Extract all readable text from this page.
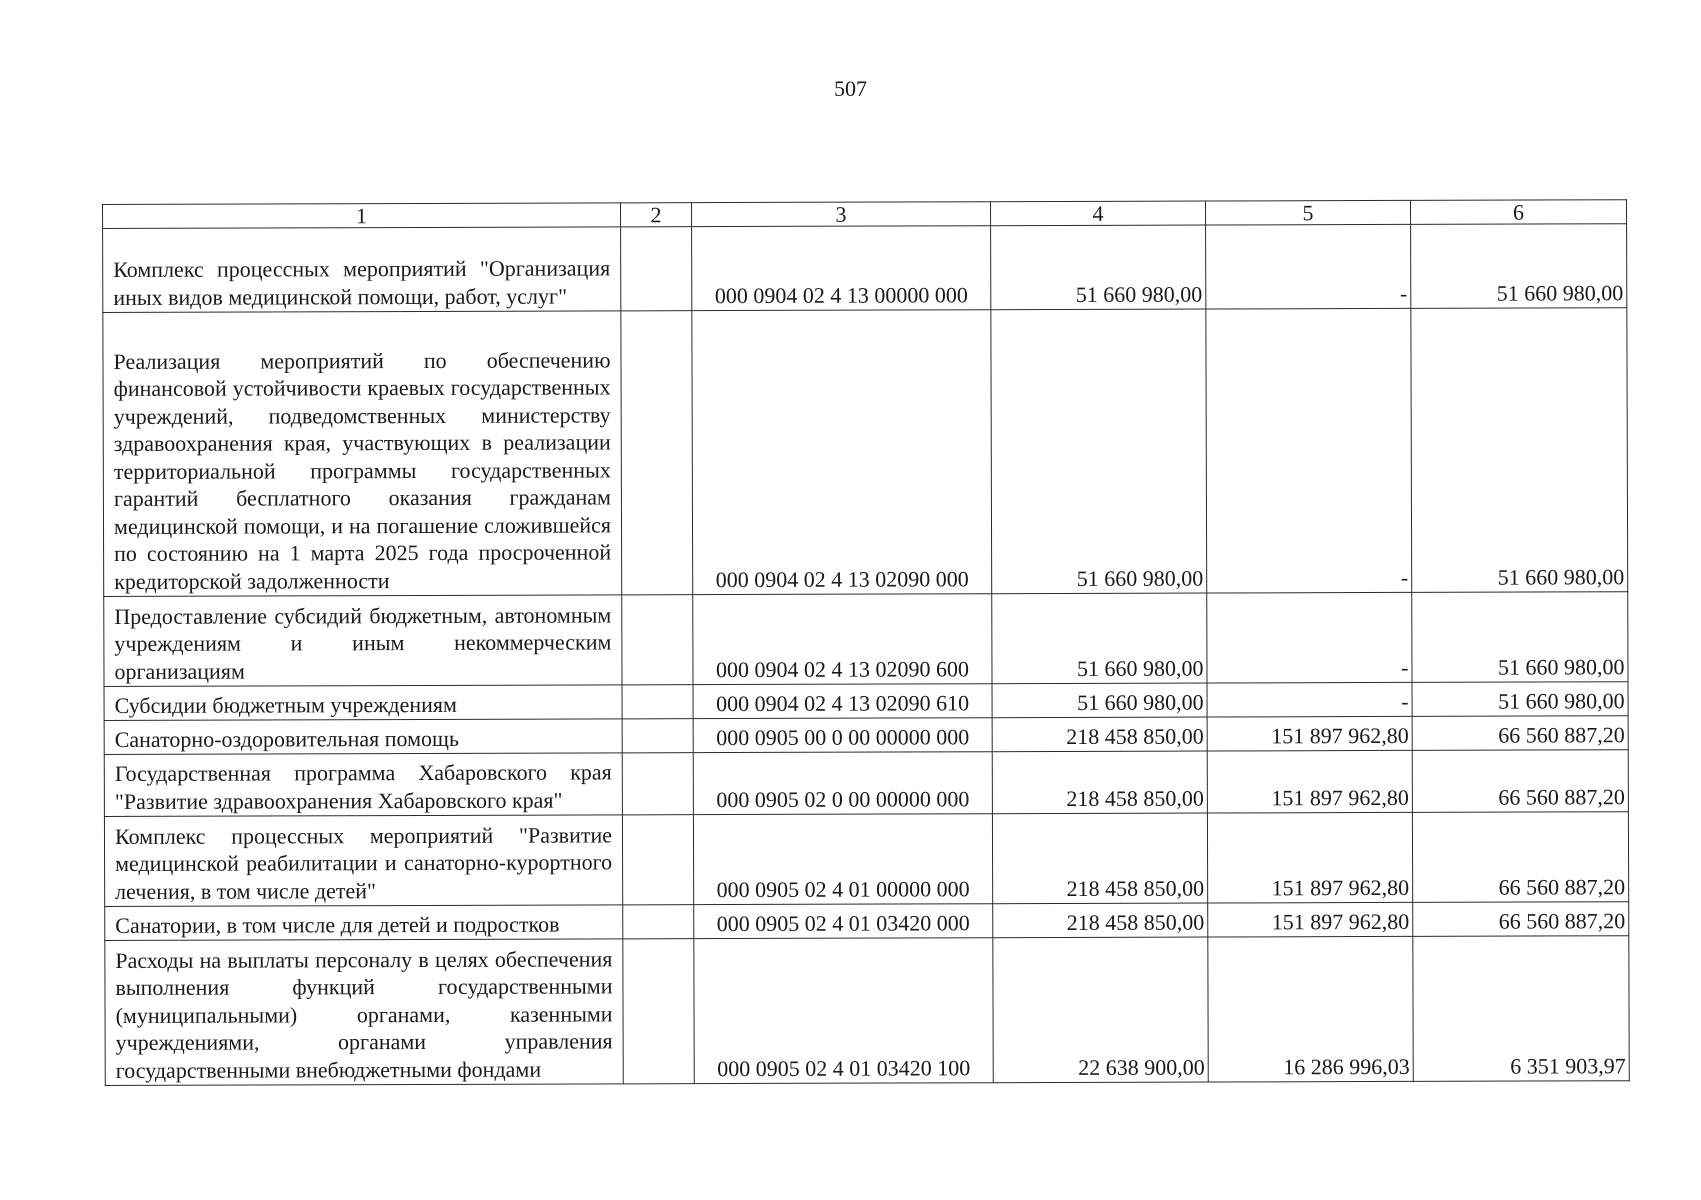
507
1	2	3	4	5	6
Комплекс процессных мероприятий "Организация иных видов медицинской помощи, работ, услуг"		000 0904 02 4 13 00000 000	51 660 980,00	-	51 660 980,00
Реализация мероприятий по обеспечению финансовой устойчивости краевых государственных учреждений, подведомственных министерству здравоохранения края, участвующих в реализации территориальной программы государственных гарантий бесплатного оказания гражданам медицинской помощи, и на погашение сложившейся по состоянию на 1 марта 2025 года просроченной кредиторской задолженности		000 0904 02 4 13 02090 000	51 660 980,00	-	51 660 980,00
Предоставление субсидий бюджетным, автономным учреждениям и иным некоммерческим организациям		000 0904 02 4 13 02090 600	51 660 980,00	-	51 660 980,00
Субсидии бюджетным учреждениям		000 0904 02 4 13 02090 610	51 660 980,00	-	51 660 980,00
Санаторно-оздоровительная помощь		000 0905 00 0 00 00000 000	218 458 850,00	151 897 962,80	66 560 887,20
Государственная программа Хабаровского края "Развитие здравоохранения Хабаровского края"		000 0905 02 0 00 00000 000	218 458 850,00	151 897 962,80	66 560 887,20
Комплекс процессных мероприятий "Развитие медицинской реабилитации и санаторно-курортного лечения, в том числе детей"		000 0905 02 4 01 00000 000	218 458 850,00	151 897 962,80	66 560 887,20
Санатории, в том числе для детей и подростков		000 0905 02 4 01 03420 000	218 458 850,00	151 897 962,80	66 560 887,20
Расходы на выплаты персоналу в целях обеспечения выполнения функций государственными (муниципальными) органами, казенными учреждениями, органами управления государственными внебюджетными фондами		000 0905 02 4 01 03420 100	22 638 900,00	16 286 996,03	6 351 903,97
